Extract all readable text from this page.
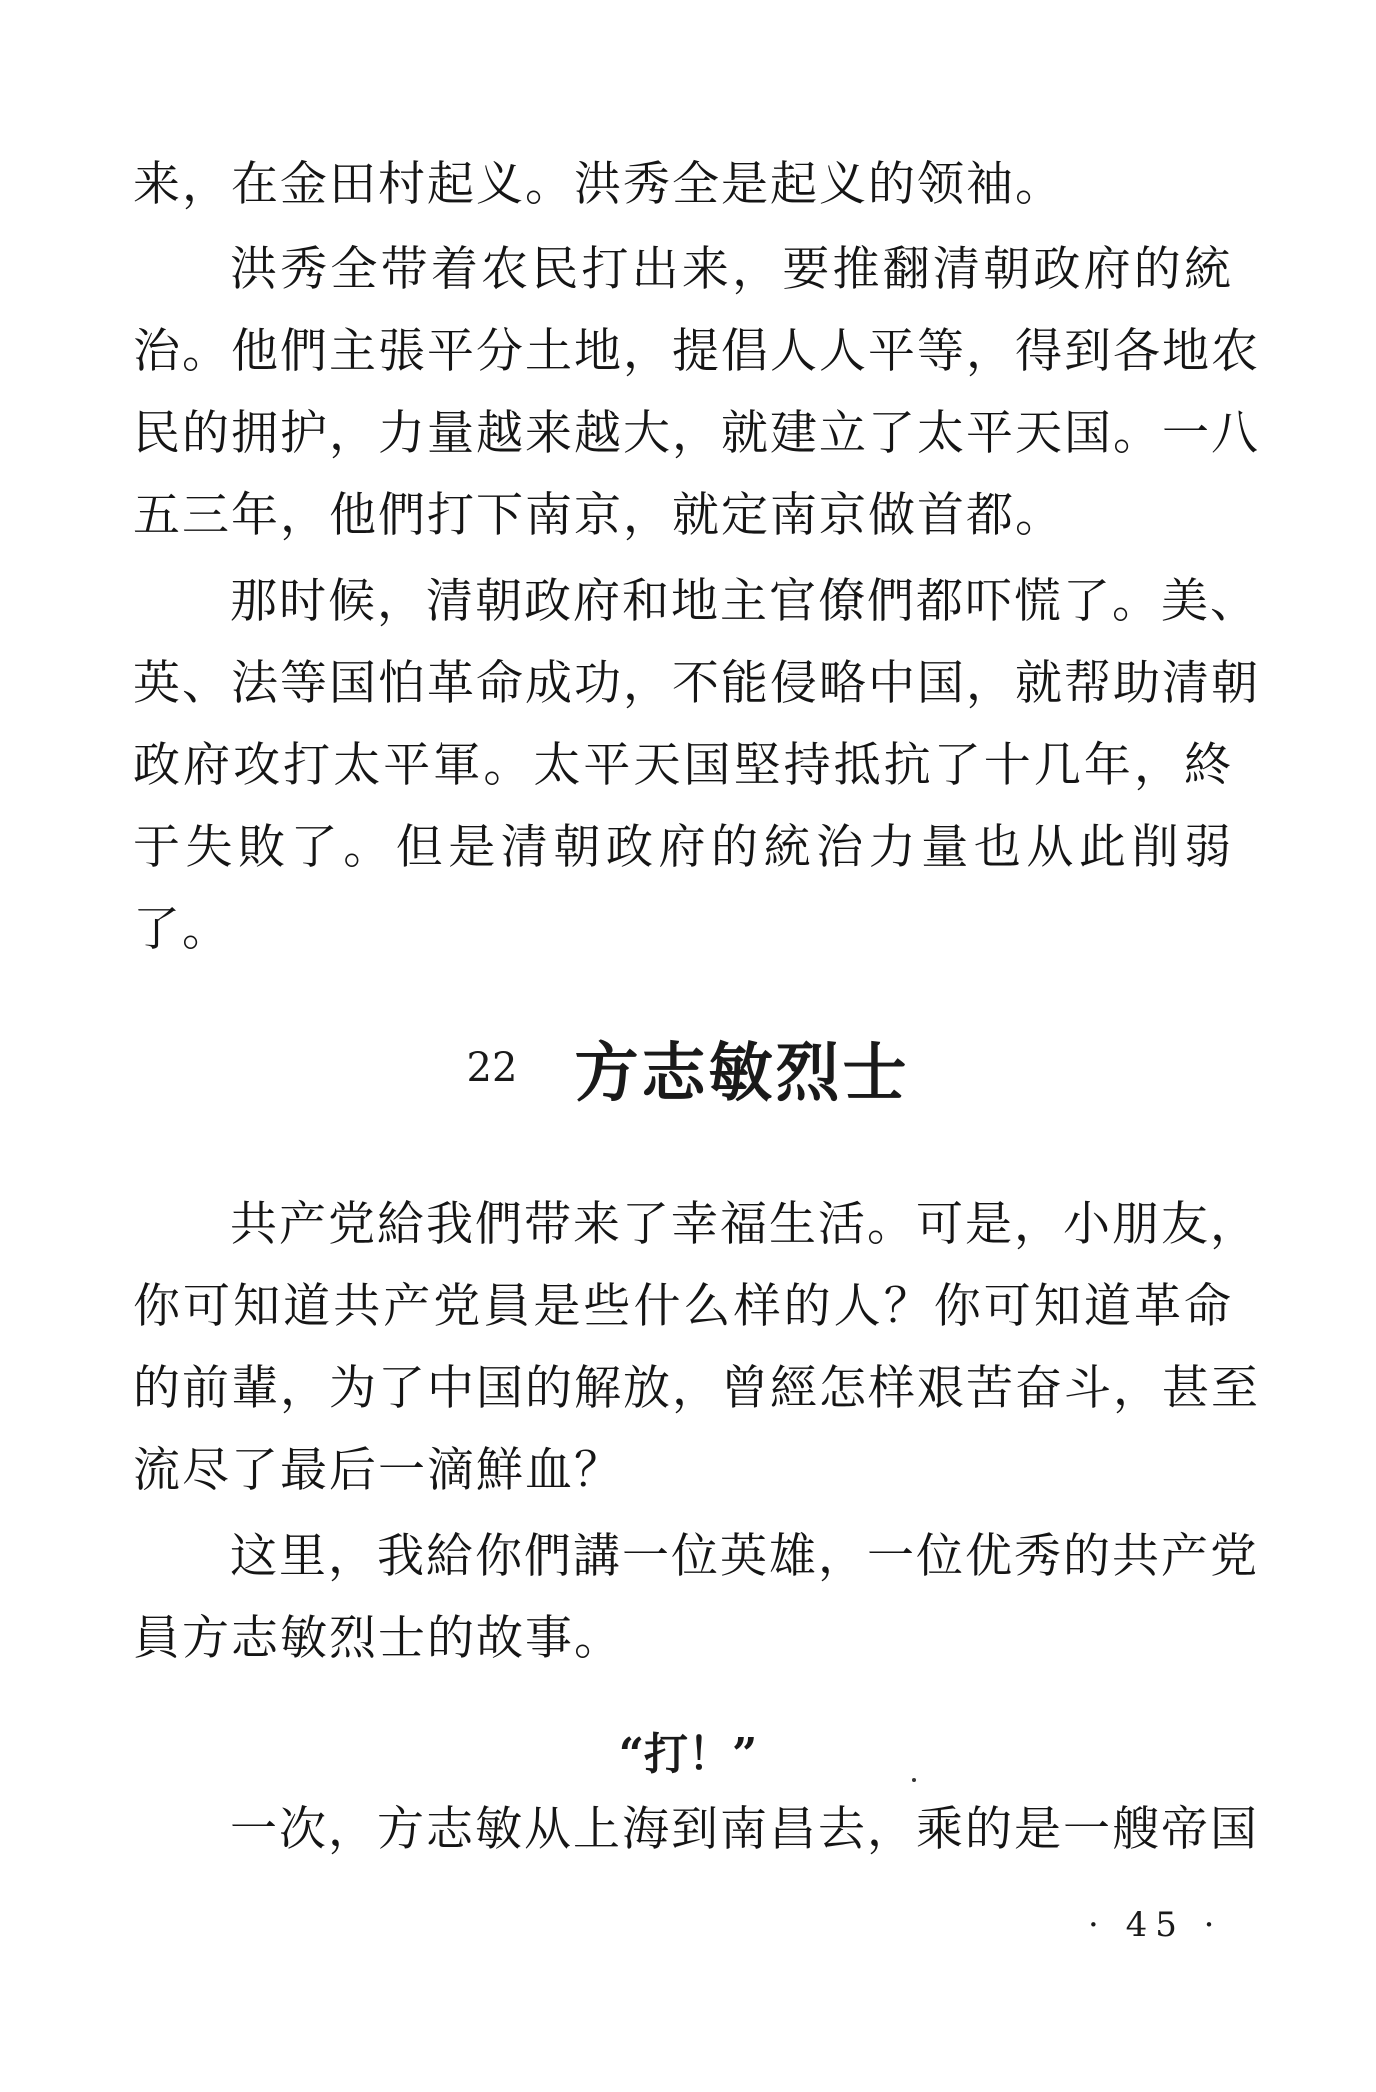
来，在金田村起义。洪秀全是起义的领袖。
洪秀全带着农民打出来，要推翻清朝政府的統
治。他們主張平分土地，提倡人人平等，得到各地农
民的拥护，力量越来越大，就建立了太平天国。一八
五三年，他們打下南京，就定南京做首都。
那时候，清朝政府和地主官僚們都吓慌了。美、
英、法等国怕革命成功，不能侵略中国，就帮助清朝
政府攻打太平軍。太平天国堅持抵抗了十几年，終
于失敗了。但是清朝政府的統治力量也从此削弱
了。
22 方志敏烈士
共产党給我們带来了幸福生活。可是，小朋友，
你可知道共产党員是些什么样的人？你可知道革命
的前輩，为了中国的解放，曾經怎样艰苦奋斗，甚至
流尽了最后一滴鮮血？
这里，我給你們講一位英雄，一位优秀的共产党
員方志敏烈士的故事。
“打！”
一次，方志敏从上海到南昌去，乘的是一艘帝国
· 45 ·
